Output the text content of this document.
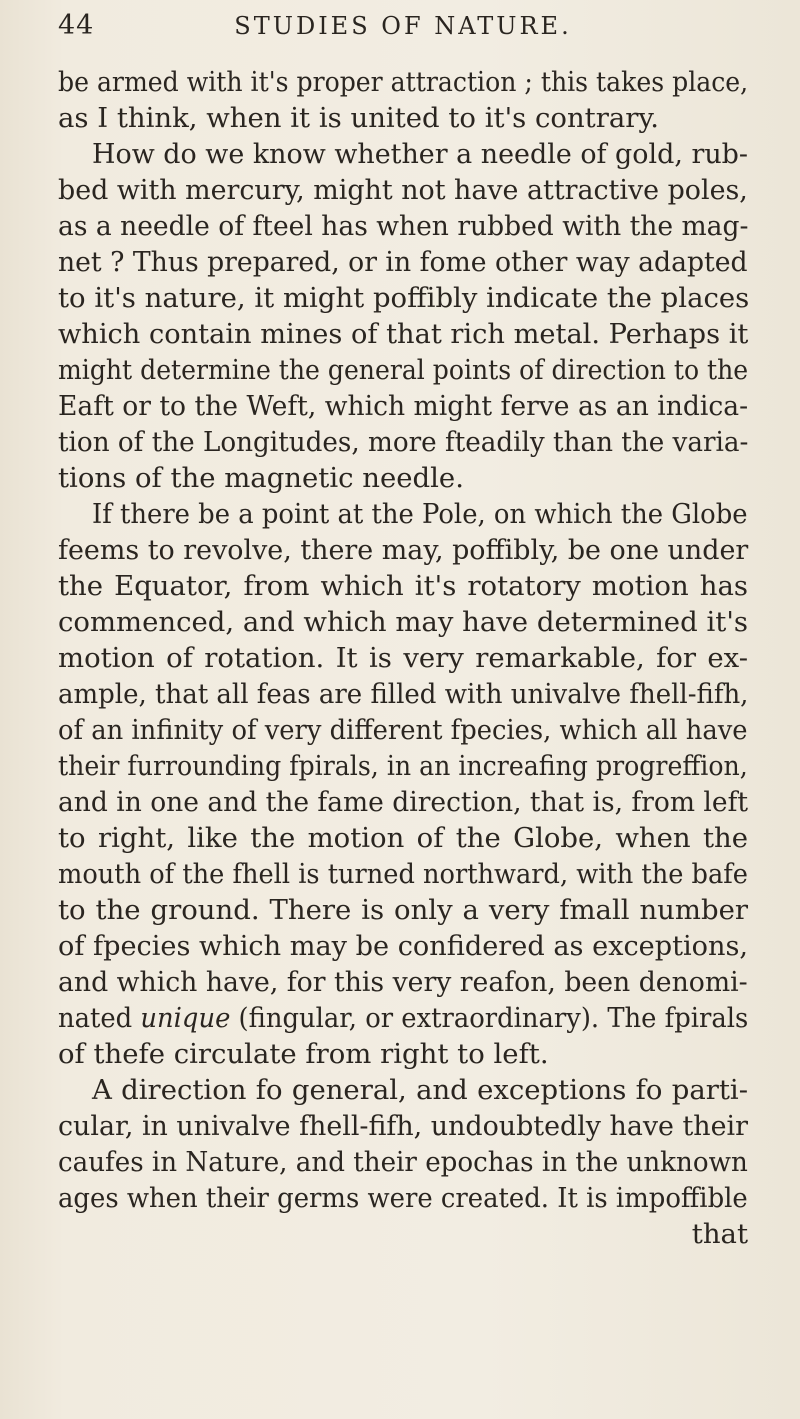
44	STUDIES OF NATURE.
be armed with it's proper attraction ; this takes place,
as I think, when it is united to it's contrary.
How do we know whether a needle of gold, rub-
bed with mercury, might not have attractive poles,
as a needle of fteel has when rubbed with the mag-
net ? Thus prepared, or in fome other way adapted
to it's nature, it might poffibly indicate the places
which contain mines of that rich metal. Perhaps it
might determine the general points of direction to the
Eaft or to the Weft, which might ferve as an indica-
tion of the Longitudes, more fteadily than the varia-
tions of the magnetic needle.
If there be a point at the Pole, on which the Globe
feems to revolve, there may, poffibly, be one under
the Equator, from which it's rotatory motion has
commenced, and which may have determined it's
motion of rotation. It is very remarkable, for ex-
ample, that all feas are filled with univalve fhell-fifh,
of an infinity of very different fpecies, which all have
their furrounding fpirals, in an increafing progreffion,
and in one and the fame direction, that is, from left
to right, like the motion of the Globe, when the
mouth of the fhell is turned northward, with the bafe
to the ground. There is only a very fmall number
of fpecies which may be confidered as exceptions,
and which have, for this very reafon, been denomi-
nated unique (fingular, or extraordinary). The fpirals
of thefe circulate from right to left.
A direction fo general, and exceptions fo parti-
cular, in univalve fhell-fifh, undoubtedly have their
caufes in Nature, and their epochas in the unknown
ages when their germs were created. It is impoffible
that
